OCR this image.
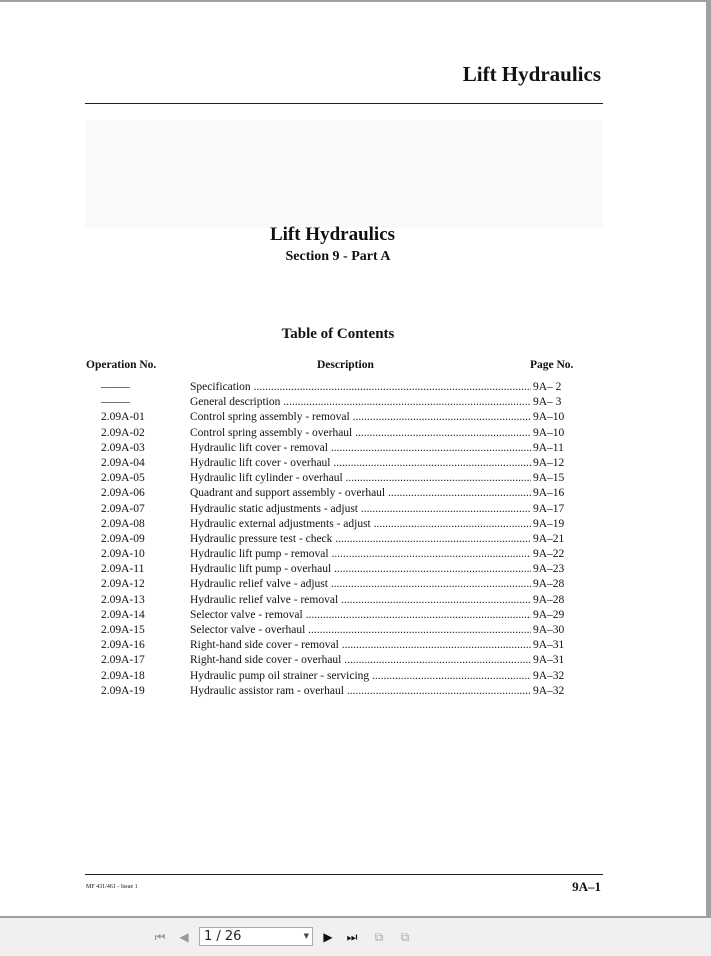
Lift Hydraulics
Lift Hydraulics
Section 9 - Part A
Table of Contents
Operation No.	Description	Page No.
–––––	Specification .....	9A– 2
–––––	General description .....	9A– 3
2.09A-01	Control spring assembly - removal .....	9A–10
2.09A-02	Control spring assembly - overhaul .....	9A–10
2.09A-03	Hydraulic lift cover - removal .....	9A–11
2.09A-04	Hydraulic lift cover - overhaul .....	9A–12
2.09A-05	Hydraulic lift cylinder - overhaul .....	9A–15
2.09A-06	Quadrant and support assembly - overhaul .....	9A–16
2.09A-07	Hydraulic static adjustments - adjust .....	9A–17
2.09A-08	Hydraulic external adjustments - adjust .....	9A–19
2.09A-09	Hydraulic pressure test - check .....	9A–21
2.09A-10	Hydraulic lift pump - removal .....	9A–22
2.09A-11	Hydraulic lift pump - overhaul .....	9A–23
2.09A-12	Hydraulic relief valve - adjust .....	9A–28
2.09A-13	Hydraulic relief valve - removal .....	9A–28
2.09A-14	Selector valve - removal .....	9A–29
2.09A-15	Selector valve - overhaul .....	9A–30
2.09A-16	Right-hand side cover - removal .....	9A–31
2.09A-17	Right-hand side cover - overhaul .....	9A–31
2.09A-18	Hydraulic pump oil strainer - servicing .....	9A–32
2.09A-19	Hydraulic assistor ram - overhaul .....	9A–32
MF 431/461 - Issue 1	9A–1
⏮ ◀	1 / 26	▼ ▶ ⏭	⧉	⧉
